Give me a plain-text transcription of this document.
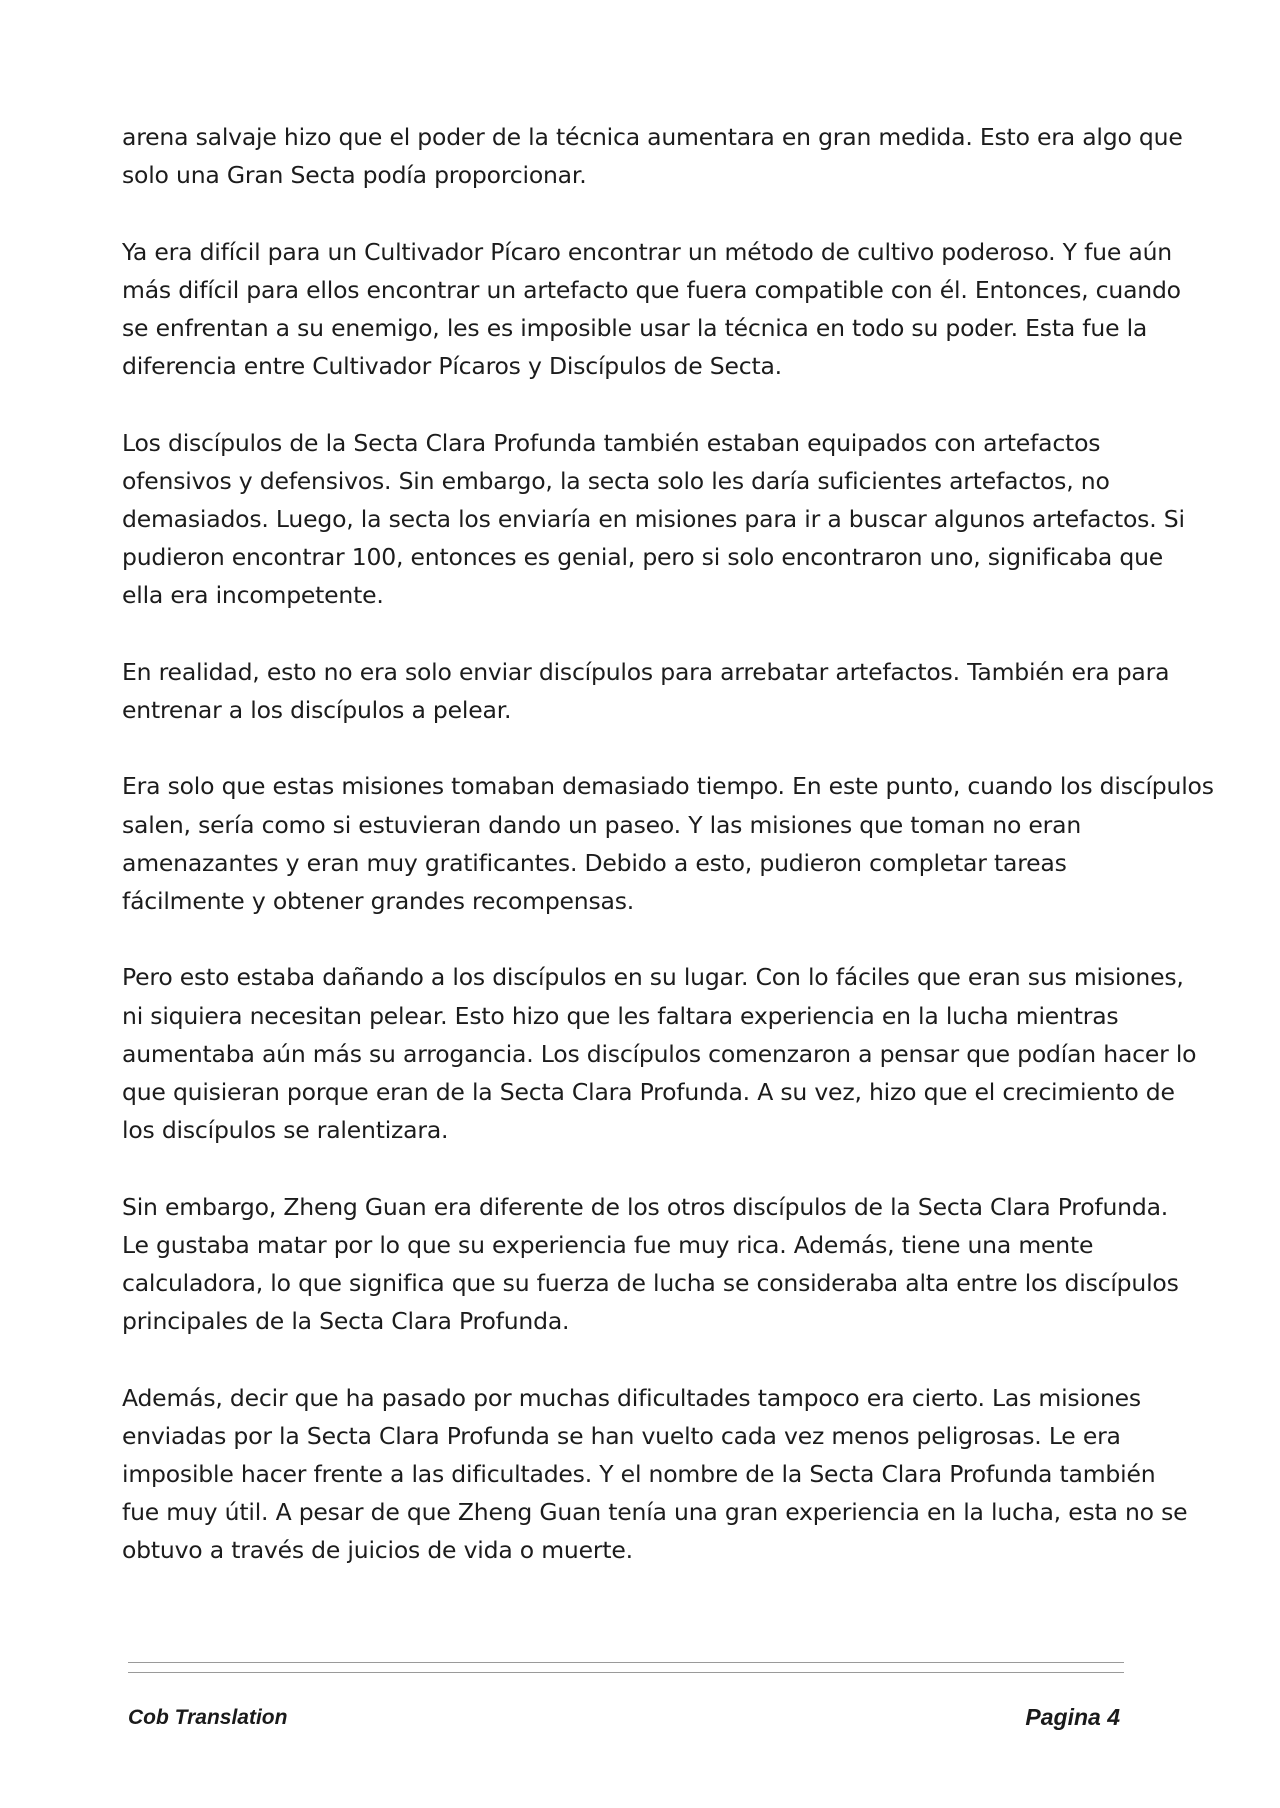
arena salvaje hizo que el poder de la técnica aumentara en gran medida. Esto era algo que

solo una Gran Secta podía proporcionar.

Ya era difícil para un Cultivador Pícaro encontrar un método de cultivo poderoso. Y fue aún

más difícil para ellos encontrar un artefacto que fuera compatible con él. Entonces, cuando

se enfrentan a su enemigo, les es imposible usar la técnica en todo su poder. Esta fue la

diferencia entre Cultivador Pícaros y Discípulos de Secta.

Los discípulos de la Secta Clara Profunda también estaban equipados con artefactos

ofensivos y defensivos. Sin embargo, la secta solo les daría suficientes artefactos, no

demasiados. Luego, la secta los enviaría en misiones para ir a buscar algunos artefactos. Si

pudieron encontrar 100, entonces es genial, pero si solo encontraron uno, significaba que

ella era incompetente.

En realidad, esto no era solo enviar discípulos para arrebatar artefactos. También era para

entrenar a los discípulos a pelear.

Era solo que estas misiones tomaban demasiado tiempo. En este punto, cuando los discípulos

salen, sería como si estuvieran dando un paseo. Y las misiones que toman no eran

amenazantes y eran muy gratificantes. Debido a esto, pudieron completar tareas

fácilmente y obtener grandes recompensas.

Pero esto estaba dañando a los discípulos en su lugar. Con lo fáciles que eran sus misiones,

ni siquiera necesitan pelear. Esto hizo que les faltara experiencia en la lucha mientras

aumentaba aún más su arrogancia. Los discípulos comenzaron a pensar que podían hacer lo

que quisieran porque eran de la Secta Clara Profunda. A su vez, hizo que el crecimiento de

los discípulos se ralentizara.

Sin embargo, Zheng Guan era diferente de los otros discípulos de la Secta Clara Profunda.

Le gustaba matar por lo que su experiencia fue muy rica. Además, tiene una mente

calculadora, lo que significa que su fuerza de lucha se consideraba alta entre los discípulos

principales de la Secta Clara Profunda.

Además, decir que ha pasado por muchas dificultades tampoco era cierto. Las misiones

enviadas por la Secta Clara Profunda se han vuelto cada vez menos peligrosas. Le era

imposible hacer frente a las dificultades. Y el nombre de la Secta Clara Profunda también

fue muy útil. A pesar de que Zheng Guan tenía una gran experiencia en la lucha, esta no se

obtuvo a través de juicios de vida o muerte.

Cob Translation	Pagina 4
